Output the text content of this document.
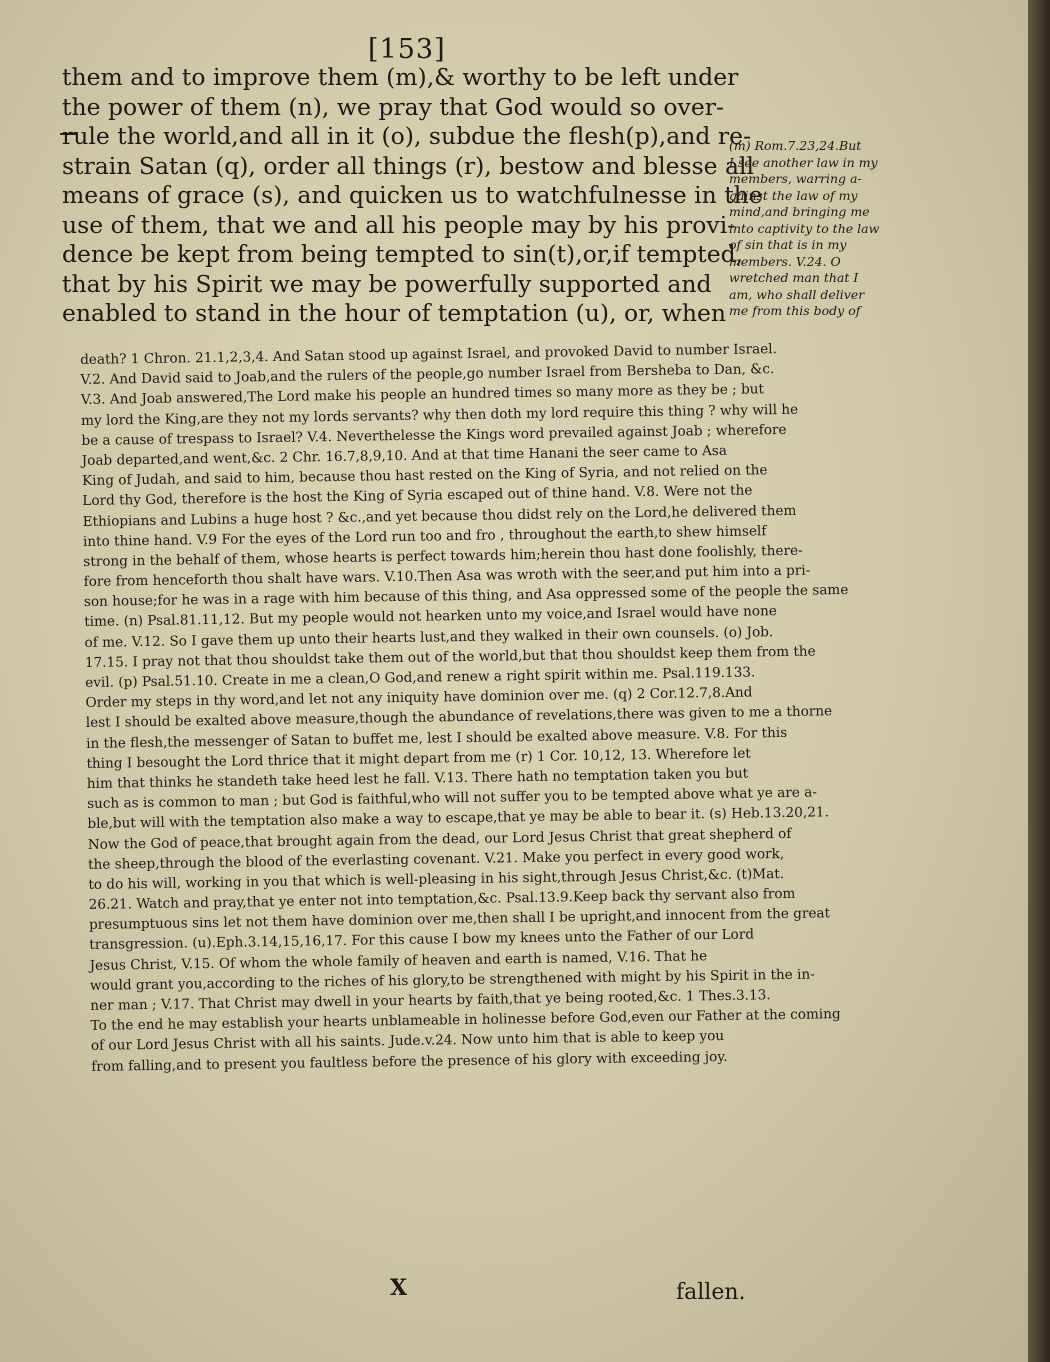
[153]
them and to improve them (m),& worthy to be left under
the power of them (n), we pray that God would so over-
rule the world,and all in it (o), subdue the flesh(p),and re-
strain Satan (q), order all things (r), bestow and blesse all
means of grace (s), and quicken us to watchfulnesse in the
use of them, that we and all his people may by his provi-
dence be kept from being tempted to sin(t),or,if tempted,
that by his Spirit we may be powerfully supported and
enabled to stand in the hour of temptation (u), or, when
(m) Rom.7.23,24.But
I see another law in my
members, warring a-
gainst the law of my
mind,and bringing me
into captivity to the law
of sin that is in my
members. V.24. O
wretched man that I
am, who shall deliver
me from this body of
death? 1 Chron. 21.1,2,3,4. And Satan stood up against Israel, and provoked David to number Israel.
V.2. And David said to Joab,and the rulers of the people,go number Israel from Bersheba to Dan, &c.
V.3. And Joab answered,The Lord make his people an hundred times so many more as they be ; but
my lord the King,are they not my lords servants? why then doth my lord require this thing ? why will he
be a cause of trespass to Israel? V.4. Neverthelesse the Kings word prevailed against Joab ; wherefore
Joab departed,and went,&c. 2 Chr. 16.7,8,9,10. And at that time Hanani the seer came to Asa
King of Judah, and said to him, because thou hast rested on the King of Syria, and not relied on the
Lord thy God, therefore is the host the King of Syria escaped out of thine hand. V.8. Were not the
Ethiopians and Lubins a huge host ? &c.,and yet because thou didst rely on the Lord,he delivered them
into thine hand. V.9 For the eyes of the Lord run too and fro , throughout the earth,to shew himself
strong in the behalf of them, whose hearts is perfect towards him;herein thou hast done foolishly, there-
fore from henceforth thou shalt have wars. V.10.Then Asa was wroth with the seer,and put him into a pri-
son house;for he was in a rage with him because of this thing, and Asa oppressed some of the people the same
time. (n) Psal.81.11,12. But my people would not hearken unto my voice,and Israel would have none
of me. V.12. So I gave them up unto their hearts lust,and they walked in their own counsels. (o) Job.
17.15. I pray not that thou shouldst take them out of the world,but that thou shouldst keep them from the
evil. (p) Psal.51.10. Create in me a clean,O God,and renew a right spirit within me. Psal.119.133.
Order my steps in thy word,and let not any iniquity have dominion over me. (q) 2 Cor.12.7,8.And
lest I should be exalted above measure,though the abundance of revelations,there was given to me a thorne
in the flesh,the messenger of Satan to buffet me, lest I should be exalted above measure. V.8. For this
thing I besought the Lord thrice that it might depart from me (r) 1 Cor. 10,12, 13. Wherefore let
him that thinks he standeth take heed lest he fall. V.13. There hath no temptation taken you but
such as is common to man ; but God is faithful,who will not suffer you to be tempted above what ye are a-
ble,but will with the temptation also make a way to escape,that ye may be able to bear it. (s) Heb.13.20,21.
Now the God of peace,that brought again from the dead, our Lord Jesus Christ that great shepherd of
the sheep,through the blood of the everlasting covenant. V.21. Make you perfect in every good work,
to do his will, working in you that which is well-pleasing in his sight,through Jesus Christ,&c. (t)Mat.
26.21. Watch and pray,that ye enter not into temptation,&c. Psal.13.9.Keep back thy servant also from
presumptuous sins let not them have dominion over me,then shall I be upright,and innocent from the great
transgression. (u).Eph.3.14,15,16,17. For this cause I bow my knees unto the Father of our Lord
Jesus Christ, V.15. Of whom the whole family of heaven and earth is named, V.16. That he
would grant you,according to the riches of his glory,to be strengthened with might by his Spirit in the in-
ner man ; V.17. That Christ may dwell in your hearts by faith,that ye being rooted,&c. 1 Thes.3.13.
To the end he may establish your hearts unblameable in holinesse before God,even our Father at the coming
of our Lord Jesus Christ with all his saints. Jude.v.24. Now unto him that is able to keep you
from falling,and to present you faultless before the presence of his glory with exceeding joy.
X	fallen.
